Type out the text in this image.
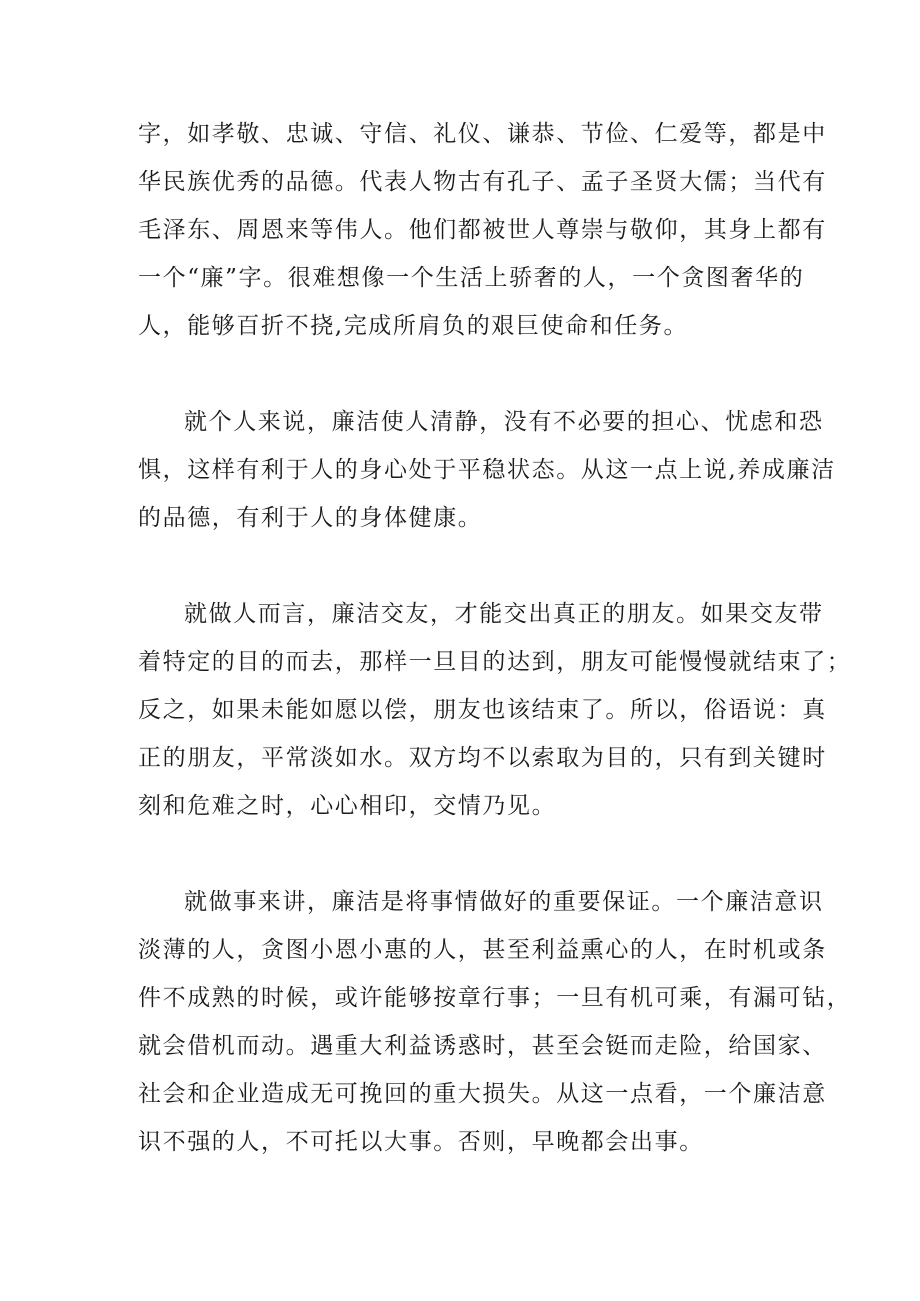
字，如孝敬、忠诚、守信、礼仪、谦恭、节俭、仁爱等，都是中
华民族优秀的品德。代表人物古有孔子、孟子圣贤大儒；当代有
毛泽东、周恩来等伟人。他们都被世人尊崇与敬仰，其身上都有
一个“廉”字。很难想像一个生活上骄奢的人，一个贪图奢华的
人，能够百折不挠,完成所肩负的艰巨使命和任务。
就个人来说，廉洁使人清静，没有不必要的担心、忧虑和恐
惧，这样有利于人的身心处于平稳状态。从这一点上说,养成廉洁
的品德，有利于人的身体健康。
就做人而言，廉洁交友，才能交出真正的朋友。如果交友带
着特定的目的而去，那样一旦目的达到，朋友可能慢慢就结束了；
反之，如果未能如愿以偿，朋友也该结束了。所以，俗语说：真
正的朋友，平常淡如水。双方均不以索取为目的，只有到关键时
刻和危难之时，心心相印，交情乃见。
就做事来讲，廉洁是将事情做好的重要保证。一个廉洁意识
淡薄的人，贪图小恩小惠的人，甚至利益熏心的人，在时机或条
件不成熟的时候，或许能够按章行事；一旦有机可乘，有漏可钻，
就会借机而动。遇重大利益诱惑时，甚至会铤而走险，给国家、
社会和企业造成无可挽回的重大损失。从这一点看，一个廉洁意
识不强的人，不可托以大事。否则，早晚都会出事。
